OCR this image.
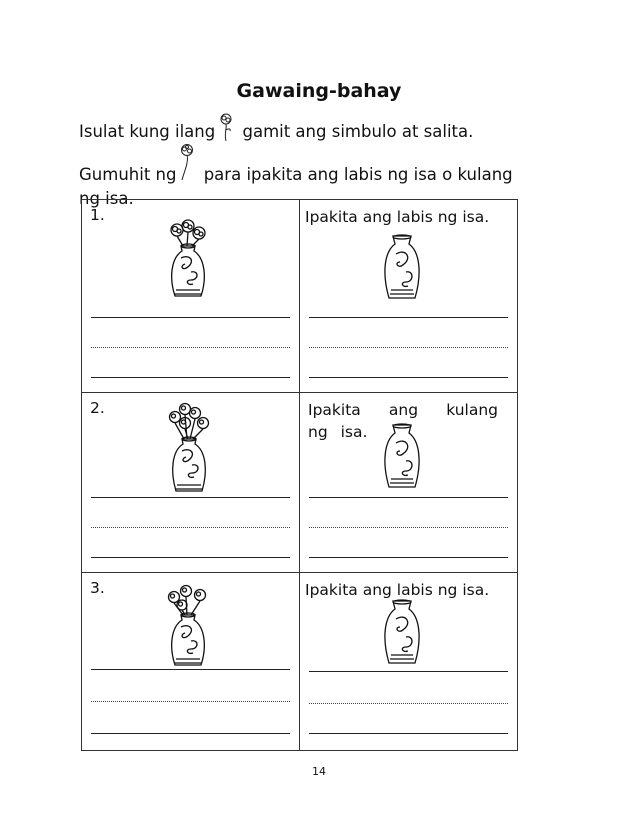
Gawaing-bahay
Isulat kung ilang gamit ang simbulo at salita.
Gumuhit ng para ipakita ang labis ng isa o kulang
ng isa.
1.	Ipakita ang labis ng isa.

2.	Ipakita ang kulang ng isa.

3.	Ipakita ang labis ng isa.
14
